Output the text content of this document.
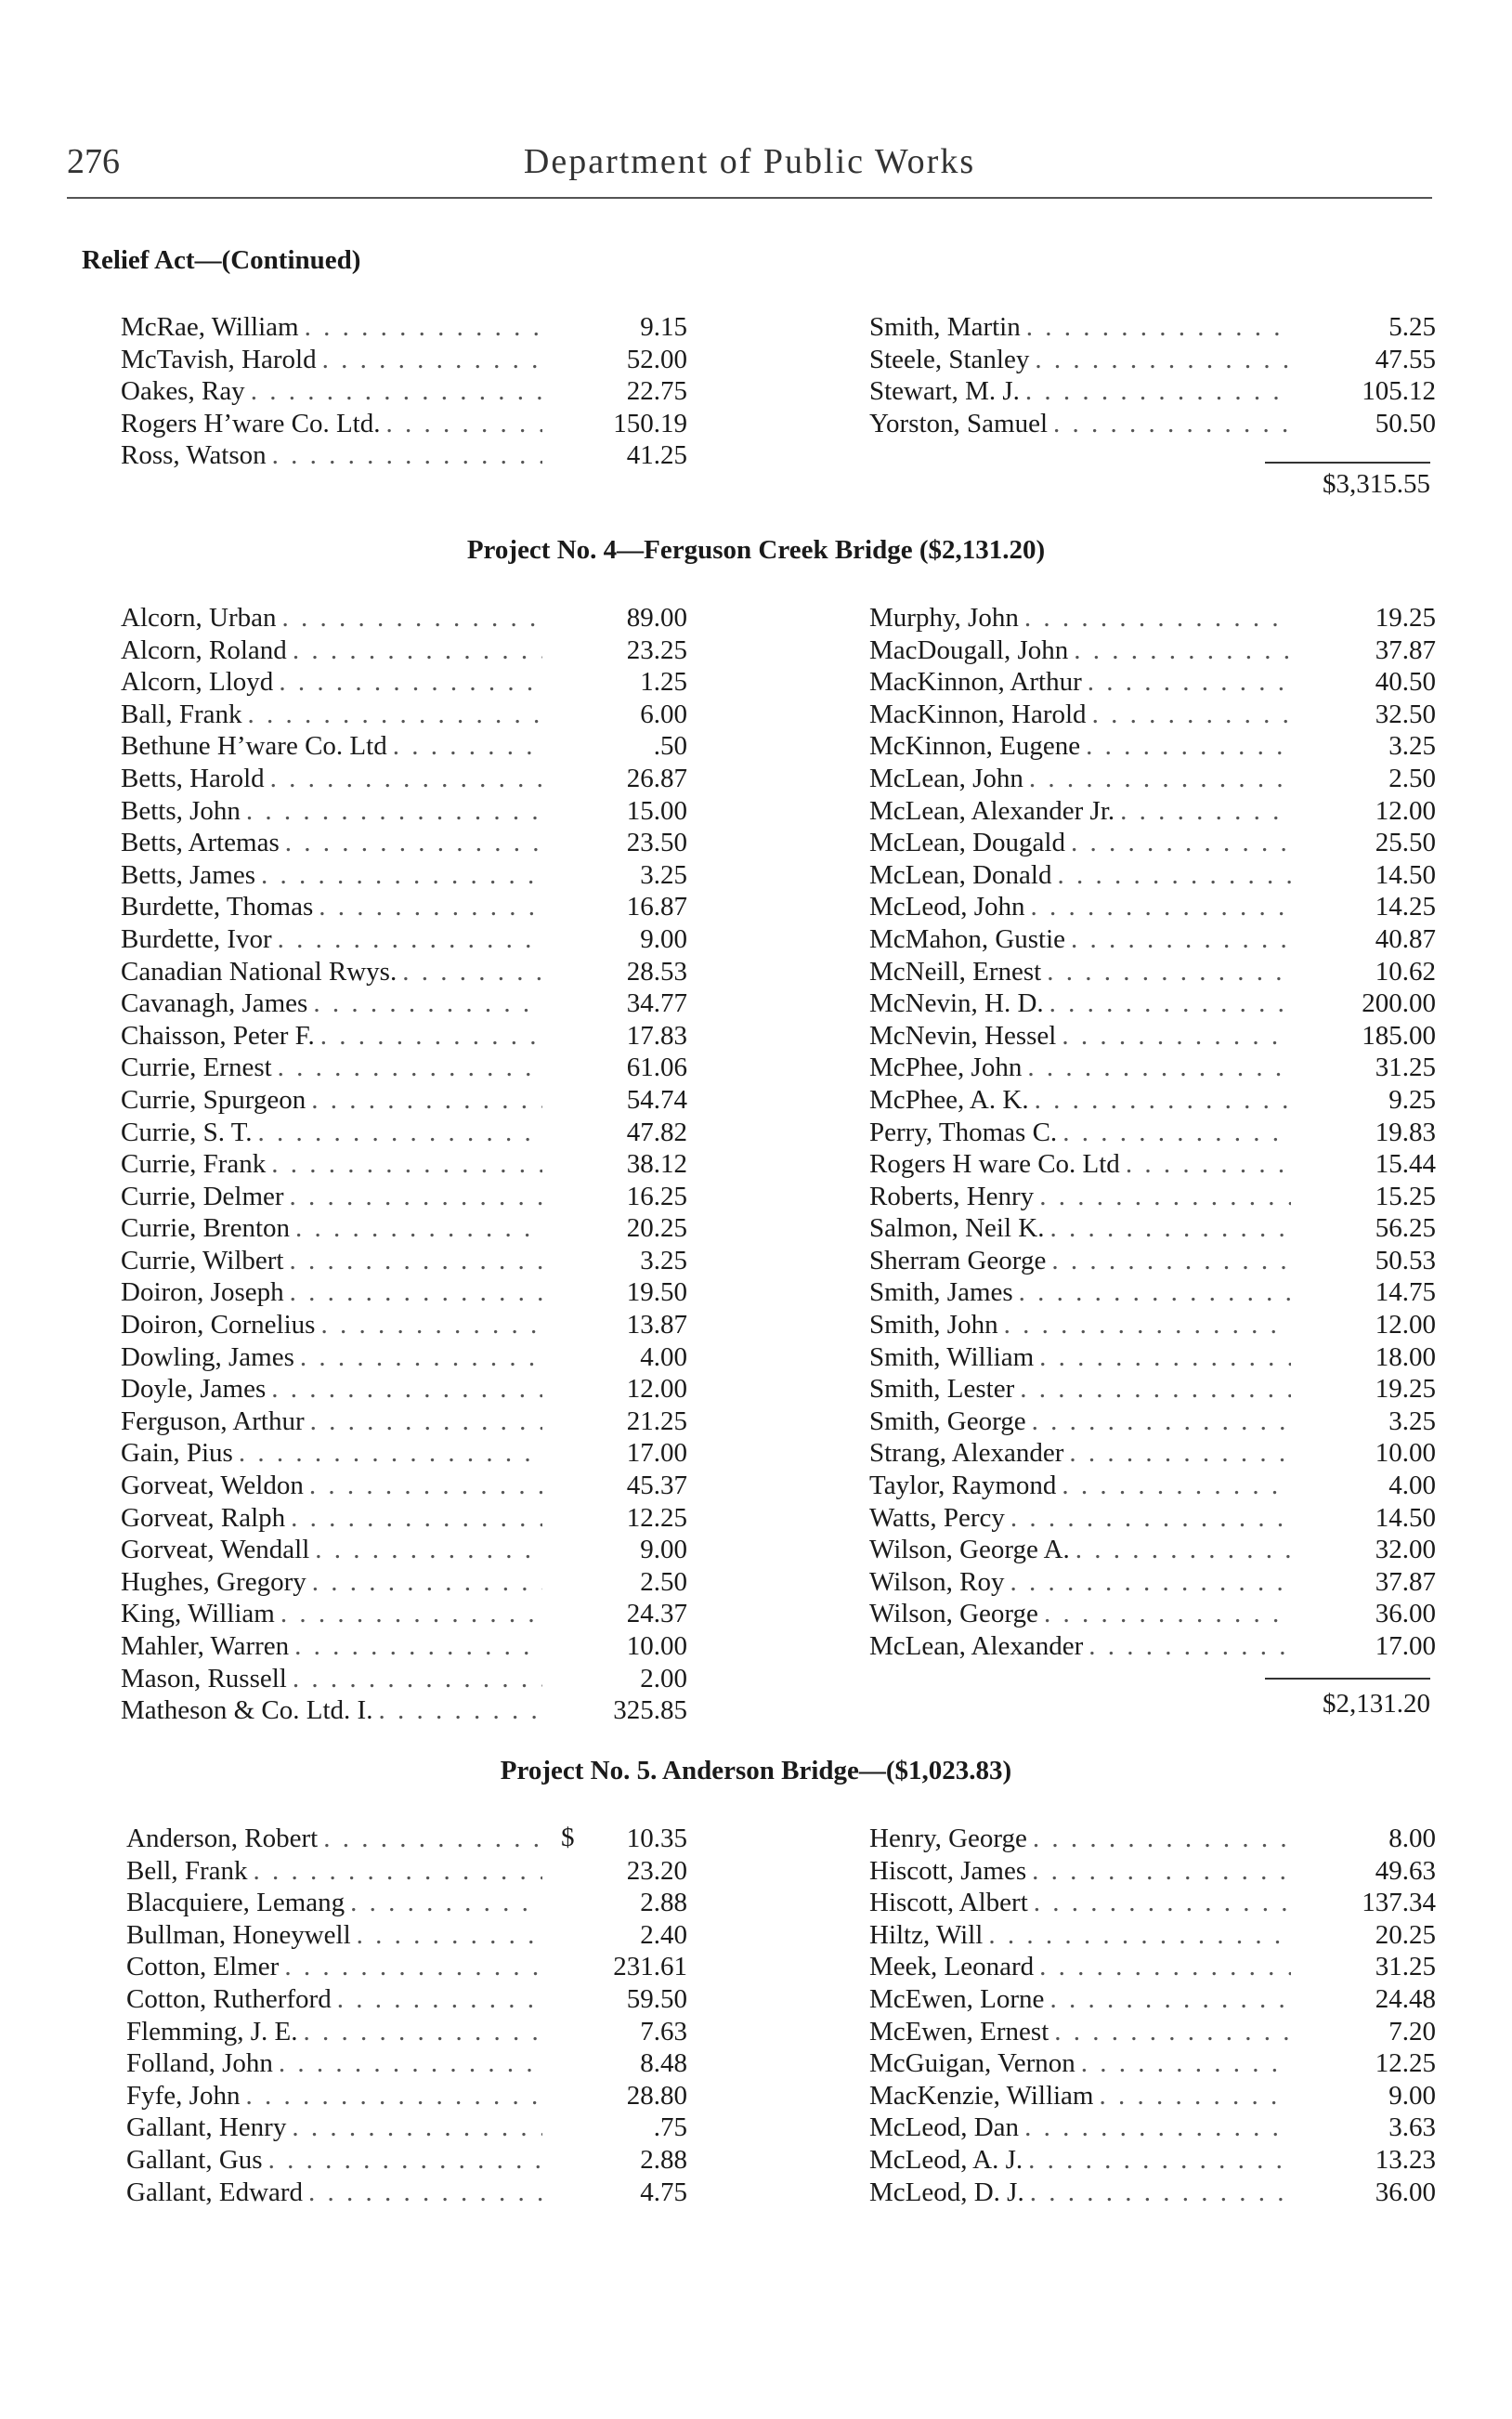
276	Department of Public Works
Relief Act—(Continued)
McRae, William . . .	9.15
McTavish, Harold . . .	52.00
Oakes, Ray . . .	22.75
Rogers H’ware Co. Ltd. . . .	150.19
Ross, Watson . . .	41.25
Smith, Martin . . .	5.25
Steele, Stanley . . .	47.55
Stewart, M. J. . . .	105.12
Yorston, Samuel . . .	50.50
$3,315.55
Project No. 4—Ferguson Creek Bridge ($2,131.20)
Alcorn, Urban . . .	89.00
Alcorn, Roland . . .	23.25
Alcorn, Lloyd . . .	1.25
Ball, Frank . . .	6.00
Bethune H’ware Co. Ltd . . .	.50
Betts, Harold . . .	26.87
Betts, John . . .	15.00
Betts, Artemas . . .	23.50
Betts, James . . .	3.25
Burdette, Thomas . . .	16.87
Burdette, Ivor . . .	9.00
Canadian National Rwys. . . .	28.53
Cavanagh, James . . .	34.77
Chaisson, Peter F. . . .	17.83
Currie, Ernest . . .	61.06
Currie, Spurgeon . . .	54.74
Currie, S. T. . . .	47.82
Currie, Frank . . .	38.12
Currie, Delmer . . .	16.25
Currie, Brenton . . .	20.25
Currie, Wilbert . . .	3.25
Doiron, Joseph . . .	19.50
Doiron, Cornelius . . .	13.87
Dowling, James . . .	4.00
Doyle, James . . .	12.00
Ferguson, Arthur . . .	21.25
Gain, Pius . . .	17.00
Gorveat, Weldon . . .	45.37
Gorveat, Ralph . . .	12.25
Gorveat, Wendall . . .	9.00
Hughes, Gregory . . .	2.50
King, William . . .	24.37
Mahler, Warren . . .	10.00
Mason, Russell . . .	2.00
Matheson & Co. Ltd. I. . . .	325.85
Murphy, John . . .	19.25
MacDougall, John . . .	37.87
MacKinnon, Arthur . . .	40.50
MacKinnon, Harold . . .	32.50
McKinnon, Eugene . . .	3.25
McLean, John . . .	2.50
McLean, Alexander Jr. . . .	12.00
McLean, Dougald . . .	25.50
McLean, Donald . . .	14.50
McLeod, John . . .	14.25
McMahon, Gustie . . .	40.87
McNeill, Ernest . . .	10.62
McNevin, H. D. . . .	200.00
McNevin, Hessel . . .	185.00
McPhee, John . . .	31.25
McPhee, A. K. . . .	9.25
Perry, Thomas C. . . .	19.83
Rogers H ware Co. Ltd . . .	15.44
Roberts, Henry . . .	15.25
Salmon, Neil K. . . .	56.25
Sherram George . . .	50.53
Smith, James . . .	14.75
Smith, John . . .	12.00
Smith, William . . .	18.00
Smith, Lester . . .	19.25
Smith, George . . .	3.25
Strang, Alexander . . .	10.00
Taylor, Raymond . . .	4.00
Watts, Percy . . .	14.50
Wilson, George A. . . .	32.00
Wilson, Roy . . .	37.87
Wilson, George . . .	36.00
McLean, Alexander . . .	17.00
$2,131.20
Project No. 5. Anderson Bridge—($1,023.83)
$
Anderson, Robert . . .	10.35
Bell, Frank . . .	23.20
Blacquiere, Lemang . . .	2.88
Bullman, Honeywell . . .	2.40
Cotton, Elmer . . .	231.61
Cotton, Rutherford . . .	59.50
Flemming, J. E. . . .	7.63
Folland, John . . .	8.48
Fyfe, John . . .	28.80
Gallant, Henry . . .	.75
Gallant, Gus . . .	2.88
Gallant, Edward . . .	4.75
Henry, George . . .	8.00
Hiscott, James . . .	49.63
Hiscott, Albert . . .	137.34
Hiltz, Will . . .	20.25
Meek, Leonard . . .	31.25
McEwen, Lorne . . .	24.48
McEwen, Ernest . . .	7.20
McGuigan, Vernon . . .	12.25
MacKenzie, William . . .	9.00
McLeod, Dan . . .	3.63
McLeod, A. J. . . .	13.23
McLeod, D. J. . . .	36.00
